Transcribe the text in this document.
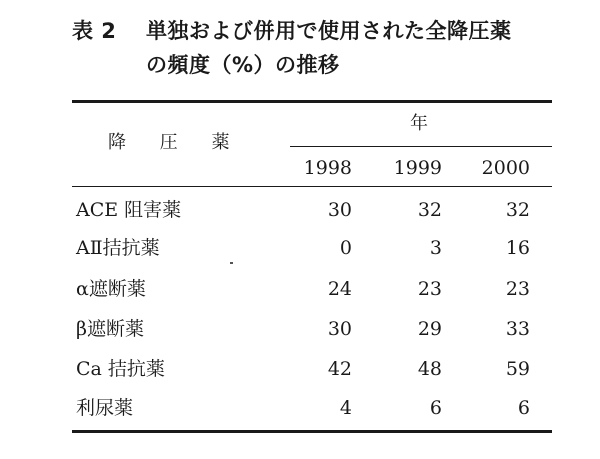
表 2 単独および併用で使用された全降圧薬
の頻度（%）の推移
降 圧 薬
年
1998	1999	2000
ACE 阻害薬	30	32	32
AⅡ拮抗薬	0	3	16
α遮断薬	24	23	23
β遮断薬	30	29	33
Ca 拮抗薬	42	48	59
利尿薬	4	6	6
